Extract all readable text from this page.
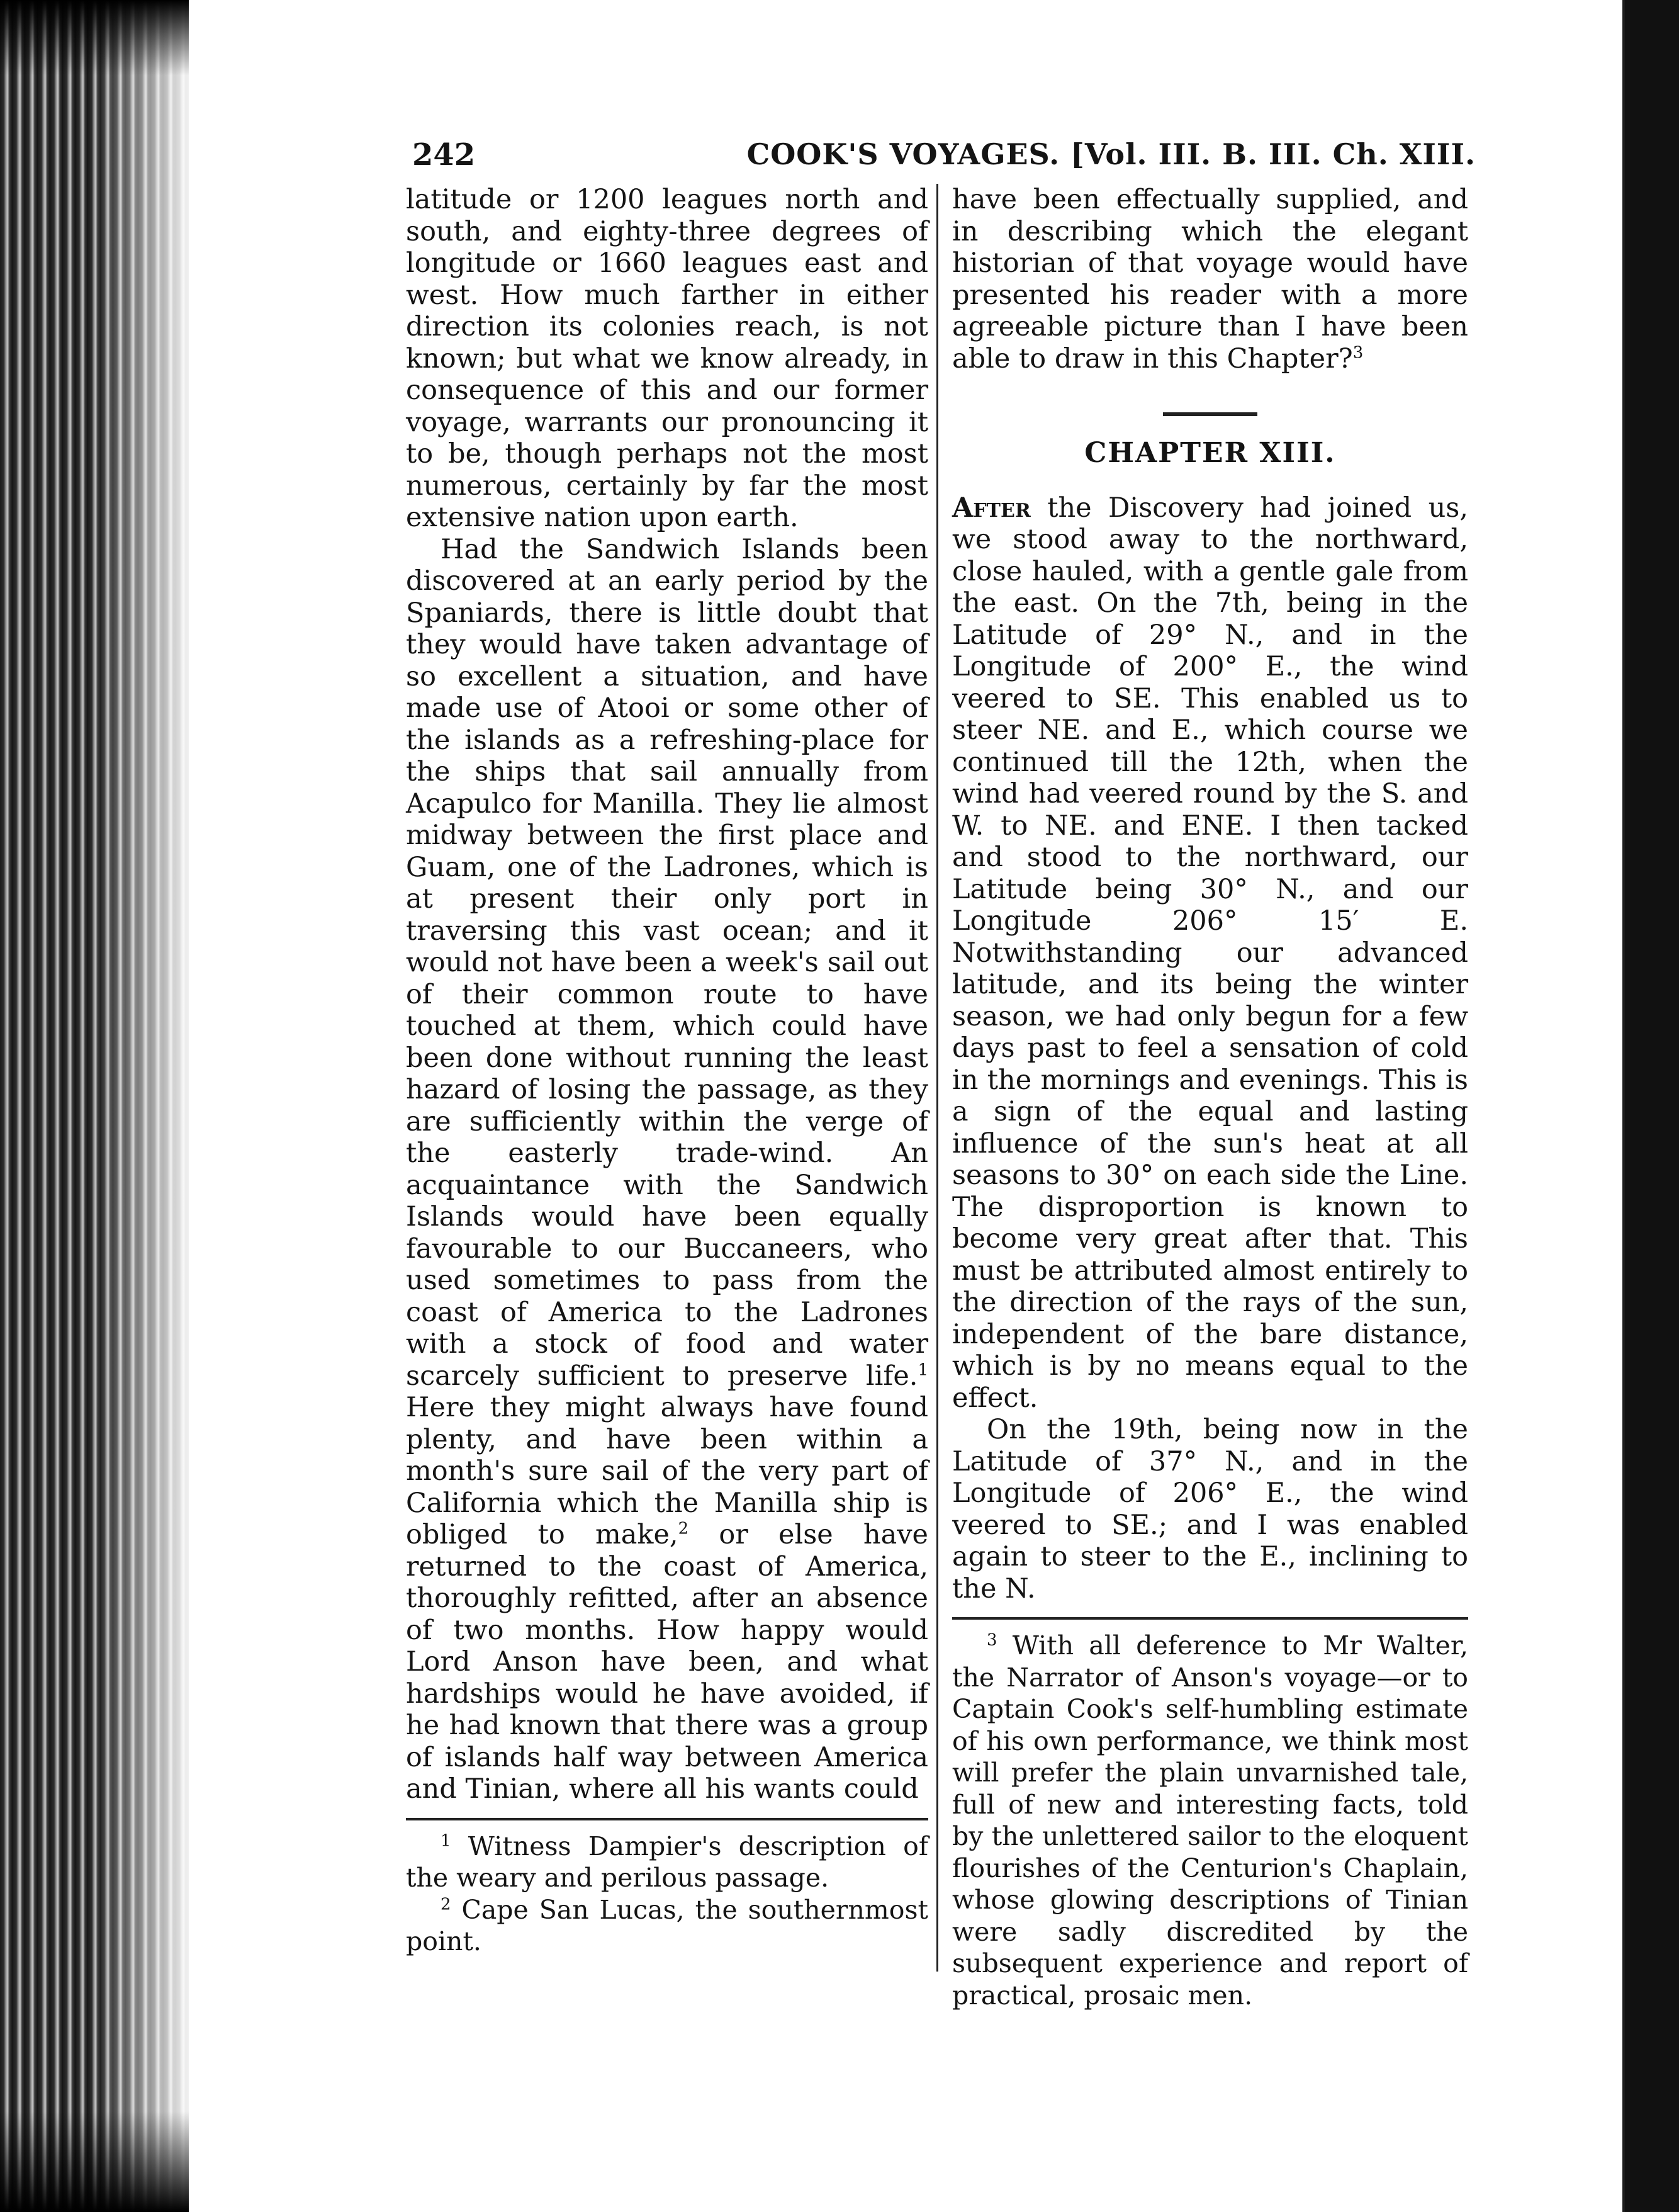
242	COOK'S VOYAGES. [Vol. III. B. III. Ch. XIII.

latitude or 1200 leagues north and south, and eighty-three degrees of longitude or 1660 leagues east and west. How much farther in either direction its colonies reach, is not known; but what we know already, in consequence of this and our former voyage, warrants our pronouncing it to be, though perhaps not the most numerous, certainly by far the most extensive nation upon earth.

Had the Sandwich Islands been discovered at an early period by the Spaniards, there is little doubt that they would have taken advantage of so excellent a situation, and have made use of Atooi or some other of the islands as a refreshing-place for the ships that sail annually from Acapulco for Manilla. They lie almost midway between the first place and Guam, one of the Ladrones, which is at present their only port in traversing this vast ocean; and it would not have been a week's sail out of their common route to have touched at them, which could have been done without running the least hazard of losing the passage, as they are sufficiently within the verge of the easterly trade-wind. An acquaintance with the Sandwich Islands would have been equally favourable to our Buccaneers, who used sometimes to pass from the coast of America to the Ladrones with a stock of food and water scarcely sufficient to preserve life.$^1$ Here they might always have found plenty, and have been within a month's sure sail of the very part of California which the Manilla ship is obliged to make,$^2$ or else have returned to the coast of America, thoroughly refitted, after an absence of two months. How happy would Lord Anson have been, and what hardships would he have avoided, if he had known that there was a group of islands half way between America and Tinian, where all his wants could

$^1$ Witness Dampier's description of the weary and perilous passage.

$^2$ Cape San Lucas, the southernmost point.

have been effectually supplied, and in describing which the elegant historian of that voyage would have presented his reader with a more agreeable picture than I have been able to draw in this Chapter?$^3$

CHAPTER XIII.

After the Discovery had joined us, we stood away to the northward, close hauled, with a gentle gale from the east. On the 7th, being in the Latitude of 29° N., and in the Longitude of 200° E., the wind veered to SE. This enabled us to steer NE. and E., which course we continued till the 12th, when the wind had veered round by the S. and W. to NE. and ENE. I then tacked and stood to the northward, our Latitude being 30° N., and our Longitude 206° 15′ E. Notwithstanding our advanced latitude, and its being the winter season, we had only begun for a few days past to feel a sensation of cold in the mornings and evenings. This is a sign of the equal and lasting influence of the sun's heat at all seasons to 30° on each side the Line. The disproportion is known to become very great after that. This must be attributed almost entirely to the direction of the rays of the sun, independent of the bare distance, which is by no means equal to the effect.

On the 19th, being now in the Latitude of 37° N., and in the Longitude of 206° E., the wind veered to SE.; and I was enabled again to steer to the E., inclining to the N.

$^3$ With all deference to Mr Walter, the Narrator of Anson's voyage—or to Captain Cook's self-humbling estimate of his own performance, we think most will prefer the plain unvarnished tale, full of new and interesting facts, told by the unlettered sailor to the eloquent flourishes of the Centurion's Chaplain, whose glowing descriptions of Tinian were sadly discredited by the subsequent experience and report of practical, prosaic men.
